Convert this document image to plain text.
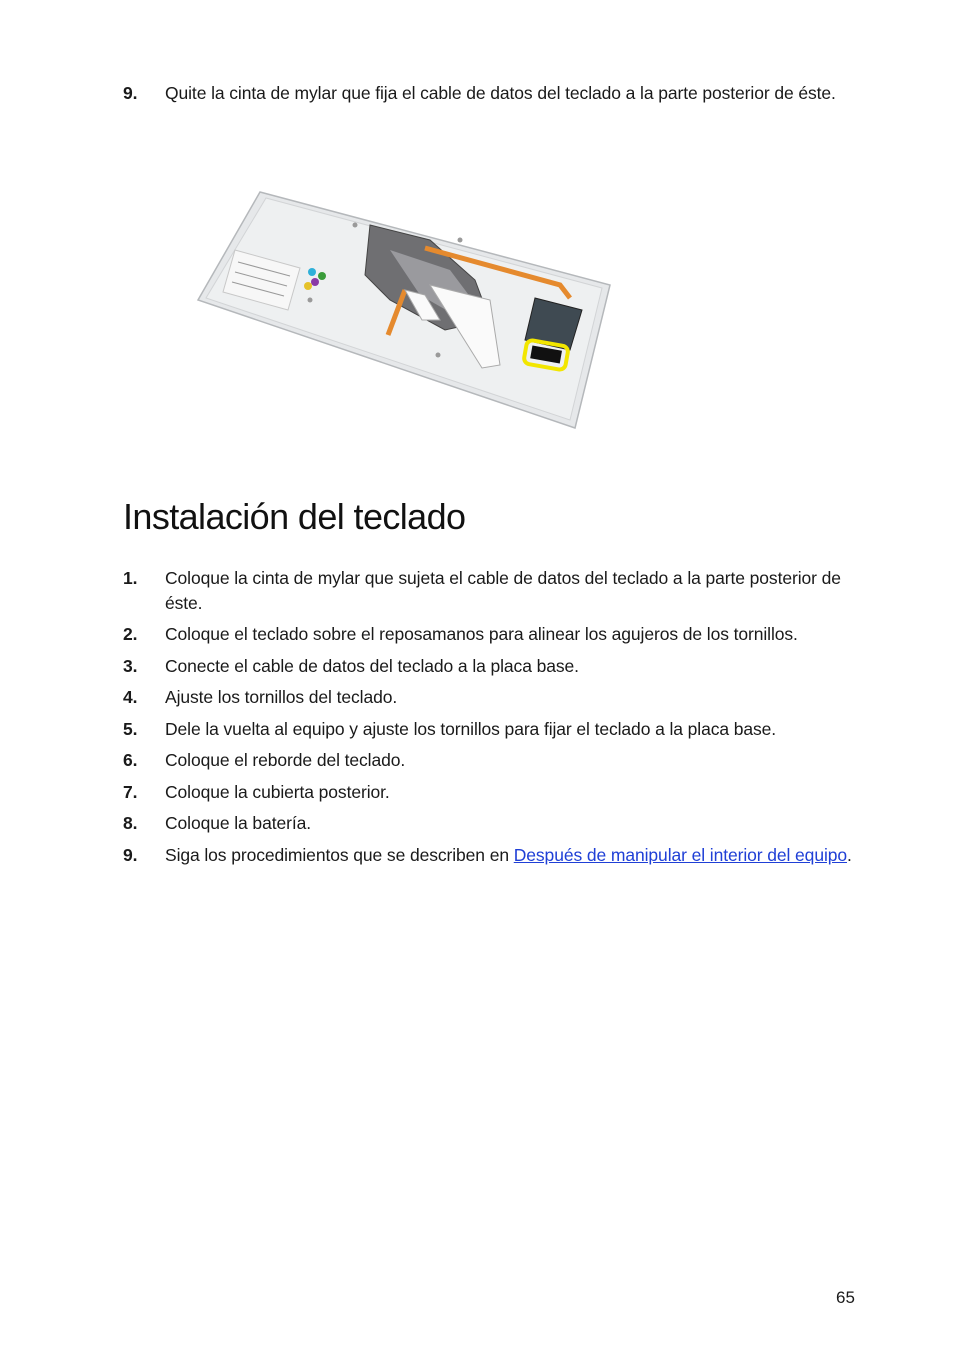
9.	Quite la cinta de mylar que fija el cable de datos del teclado a la parte posterior de éste.
Instalación del teclado
1.	Coloque la cinta de mylar que sujeta el cable de datos del teclado a la parte posterior de éste.
2.	Coloque el teclado sobre el reposamanos para alinear los agujeros de los tornillos.
3.	Conecte el cable de datos del teclado a la placa base.
4.	Ajuste los tornillos del teclado.
5.	Dele la vuelta al equipo y ajuste los tornillos para fijar el teclado a la placa base.
6.	Coloque el reborde del teclado.
7.	Coloque la cubierta posterior.
8.	Coloque la batería.
9.	Siga los procedimientos que se describen en Después de manipular el interior del equipo.
65
